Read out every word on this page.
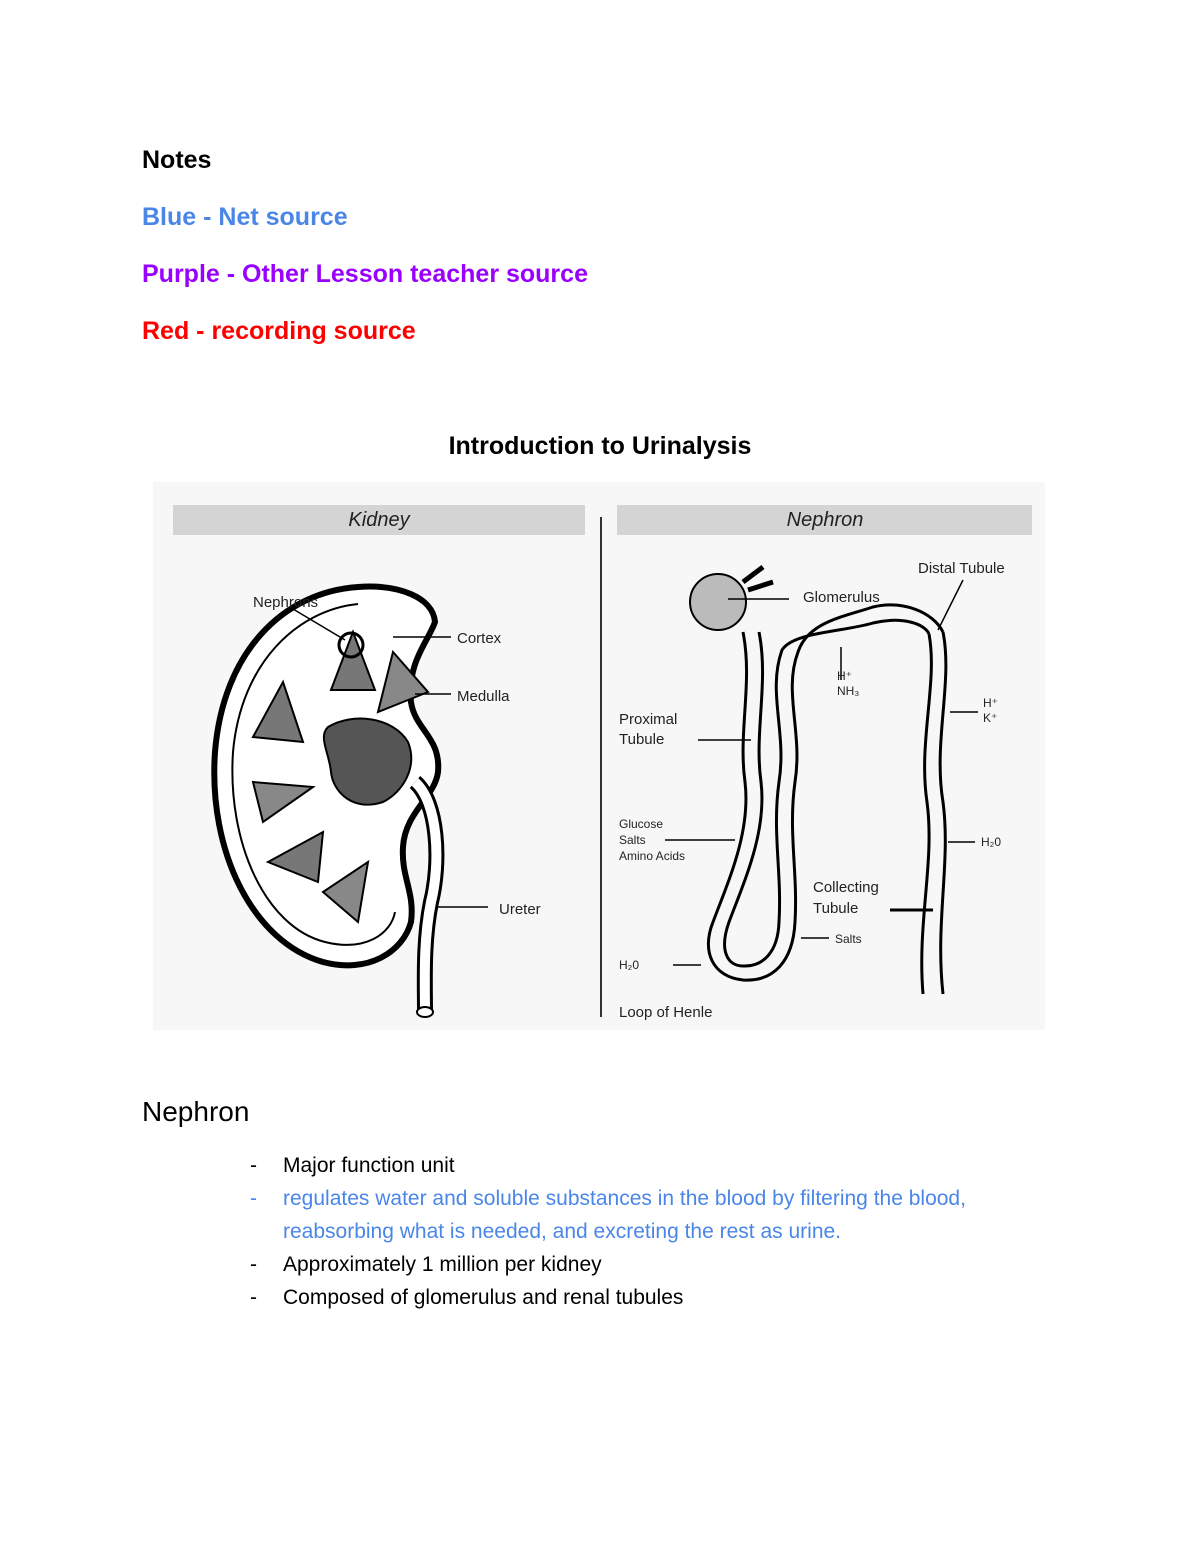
Notes

Blue - Net source

Purple - Other Lesson teacher source

Red - recording source

Introduction to Urinalysis
Kidney	Nephron
Nephrons
Cortex
Medulla
Ureter
Glomerulus
Distal Tubule
H⁺
NH₃
H⁺
K⁺
Proximal
Tubule
Glucose
Salts
Amino Acids
H₂0
Collecting
Tubule
Salts
H₂0
Loop of Henle
Nephron
- Major function unit
- regulates water and soluble substances in the blood by filtering the blood, reabsorbing what is needed, and excreting the rest as urine.
- Approximately 1 million per kidney
- Composed of glomerulus and renal tubules
